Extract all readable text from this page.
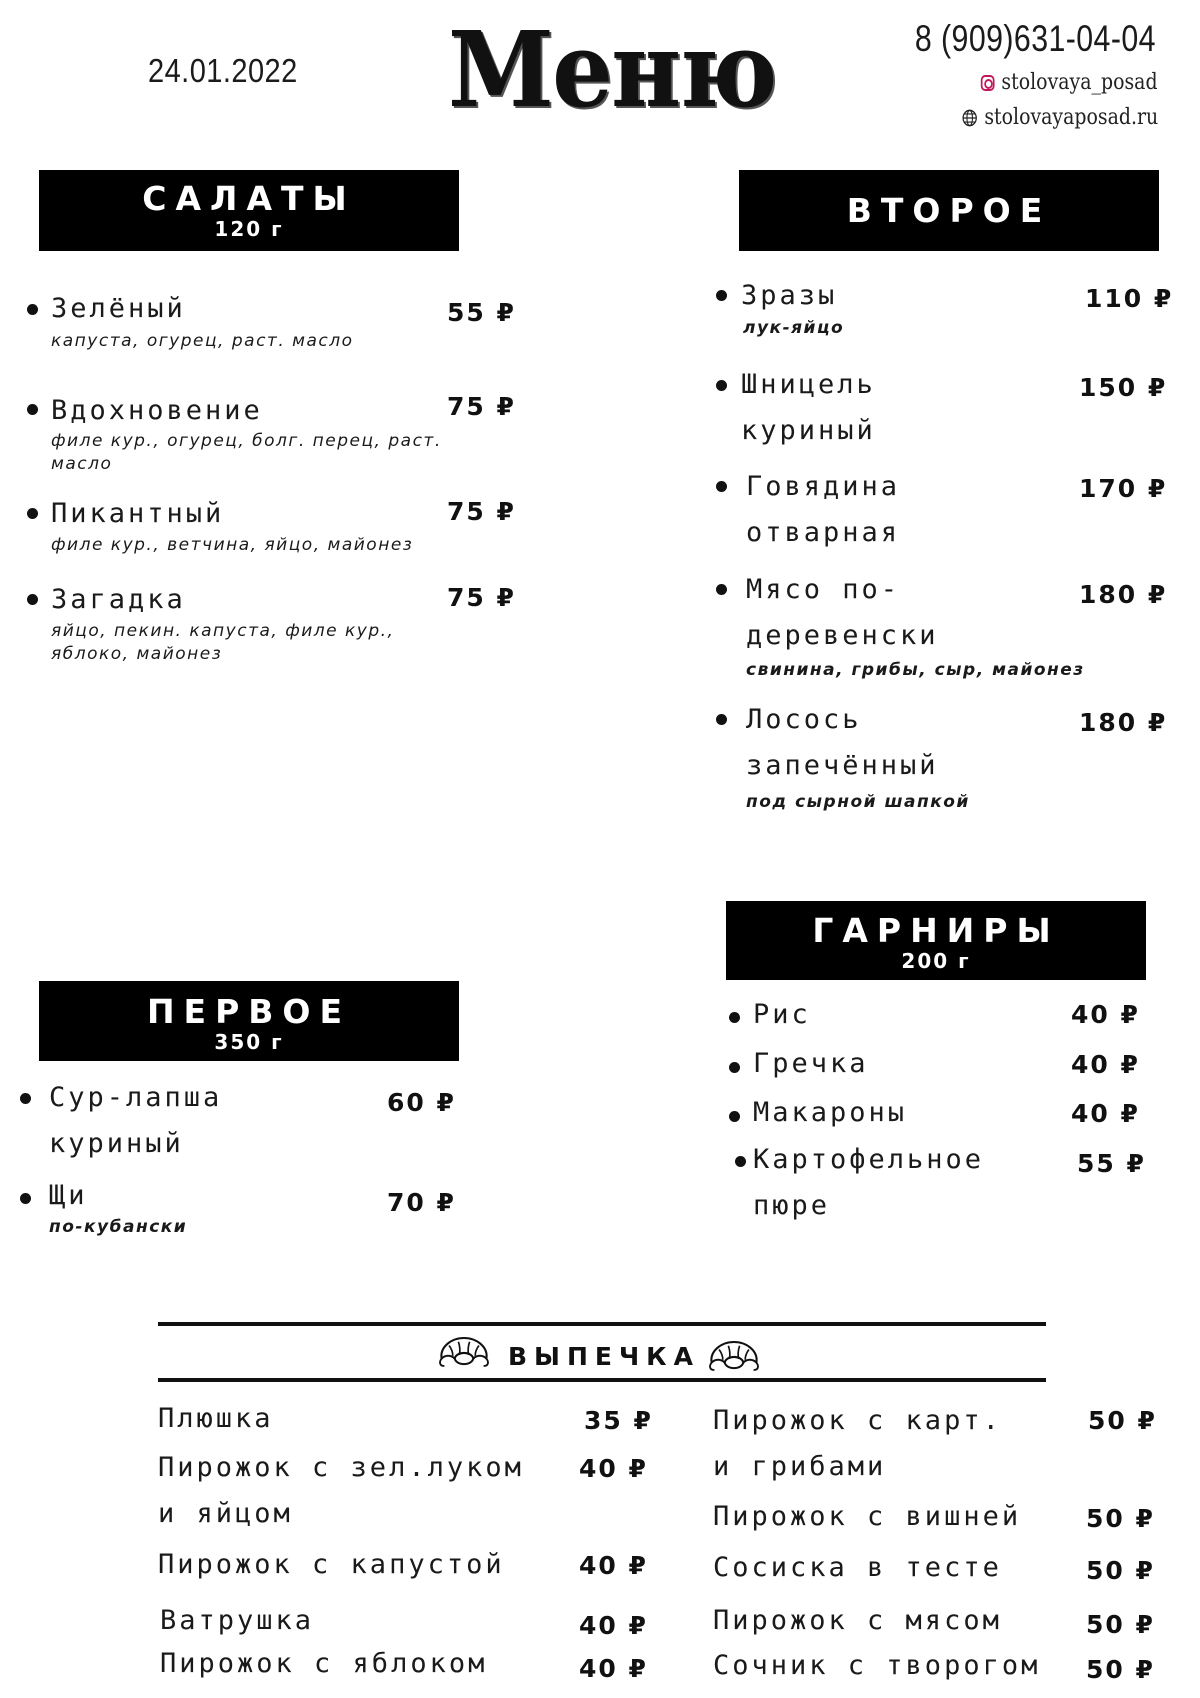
24.01.2022 Меню	8 (909)631-04-04
stolovaya_posad
stolovayaposad.ru
САЛАТЫ
120 г
Зелёный
капуста, огурец, раст. масло
55 ₽
Вдохновение
филе кур., огурец, болг. перец, раст. масло
75 ₽
Пикантный
филе кур., ветчина, яйцо, майонез
75 ₽
Загадка
яйцо, пекин. капуста, филе кур., яблоко, майонез
75 ₽
ВТОРОЕ
Зразы
лук-яйцо
110 ₽
Шницель куриный
150 ₽
Говядина отварная
170 ₽
Мясо по-деревенски
свинина, грибы, сыр, майонез
180 ₽
Лосось запечённый
под сырной шапкой
180 ₽
ГАРНИРЫ
200 г
Рис	40 ₽
Гречка	40 ₽
Макароны	40 ₽
Картофельное пюре
55 ₽
ПЕРВОЕ
350 г
Сур-лапша куриный
60 ₽
Щи
по-кубански
70 ₽
ВЫПЕЧКА
Плюшка	35 ₽
Пирожок с зел.луком и яйцом
40 ₽
Пирожок с капустой	40 ₽
Ватрушка	40 ₽
Пирожок с яблоком	40 ₽
Пирожок с карт. и грибами
50 ₽
Пирожок с вишней	50 ₽
Сосиска в тесте	50 ₽
Пирожок с мясом	50 ₽
Сочник с творогом 50 ₽
